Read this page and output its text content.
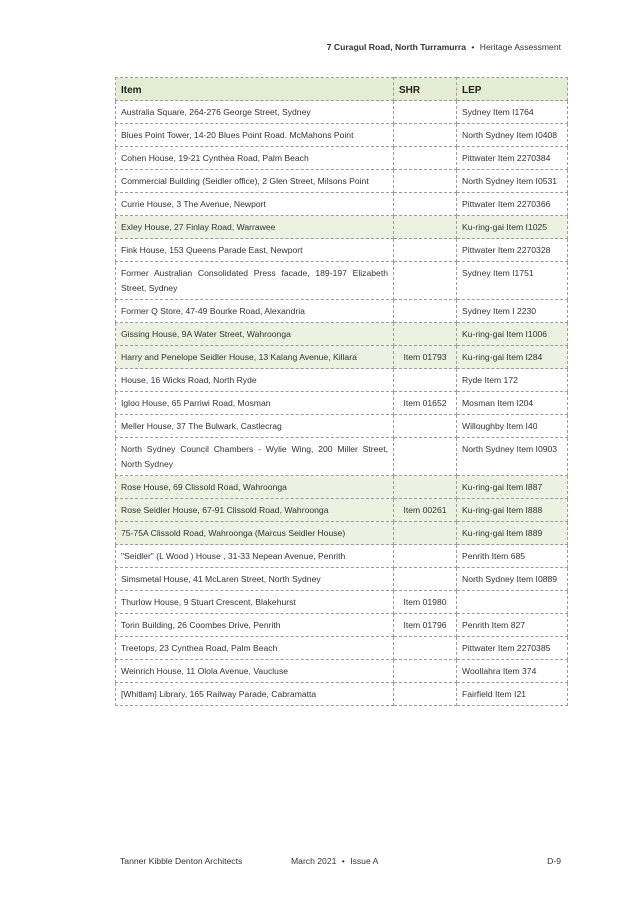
7 Curagul Road, North Turramurra • Heritage Assessment
Item	SHR	LEP
Australia Square, 264-276 George Street, Sydney		Sydney Item I1764
Blues Point Tower, 14-20 Blues Point Road. McMahons Point		North Sydney Item I0408
Cohen House, 19-21 Cynthea Road, Palm Beach		Pittwater Item 2270384
Commercial Building (Seidler office), 2 Glen Street, Milsons Point		North Sydney Item I0531
Currie House, 3 The Avenue, Newport		Pittwater Item 2270366
Exley House, 27 Finlay Road, Warrawee		Ku-ring-gai Item I1025
Fink House, 153 Queens Parade East, Newport		Pittwater Item 2270328
Former Australian Consolidated Press facade, 189-197 Elizabeth Street, Sydney		Sydney Item I1751
Former Q Store, 47-49 Bourke Road, Alexandria		Sydney Item I 2230
Gissing House, 9A Water Street, Wahroonga		Ku-ring-gai Item I1006
Harry and Penelope Seidler House, 13 Kalang Avenue, Killara	Item 01793	Ku-ring-gai Item I284
House, 16 Wicks Road, North Ryde		Ryde Item 172
Igloo House, 65 Parriwi Road, Mosman	Item 01652	Mosman Item I204
Meller House, 37 The Bulwark, Castlecrag		Willoughby Item I40
North Sydney Council Chambers - Wylie Wing, 200 Miller Street, North Sydney		North Sydney Item I0903
Rose House, 69 Clissold Road, Wahroonga		Ku-ring-gai Item I887
Rose Seidler House, 67-91 Clissold Road, Wahroonga	Item 00261	Ku-ring-gai Item I888
75-75A Clissold Road, Wahroonga (Marcus Seidler House)		Ku-ring-gai Item I889
"Seidler" (L Wood ) House , 31-33 Nepean Avenue, Penrith		Penrith Item 685
Simsmetal House, 41 McLaren Street, North Sydney		North Sydney Item I0889
Thurlow House, 9 Stuart Crescent, Blakehurst	Item 01980	
Torin Building, 26 Coombes Drive, Penrith	Item 01796	Penrith Item 827
Treetops, 23 Cynthea Road, Palm Beach		Pittwater Item 2270385
Weinrich House, 11 Olola Avenue, Vaucluse		Woollahra Item 374
[Whitlam] Library, 165 Railway Parade, Cabramatta		Fairfield Item I21
Tanner Kibble Denton Architects	March 2021 • Issue A	D-9
